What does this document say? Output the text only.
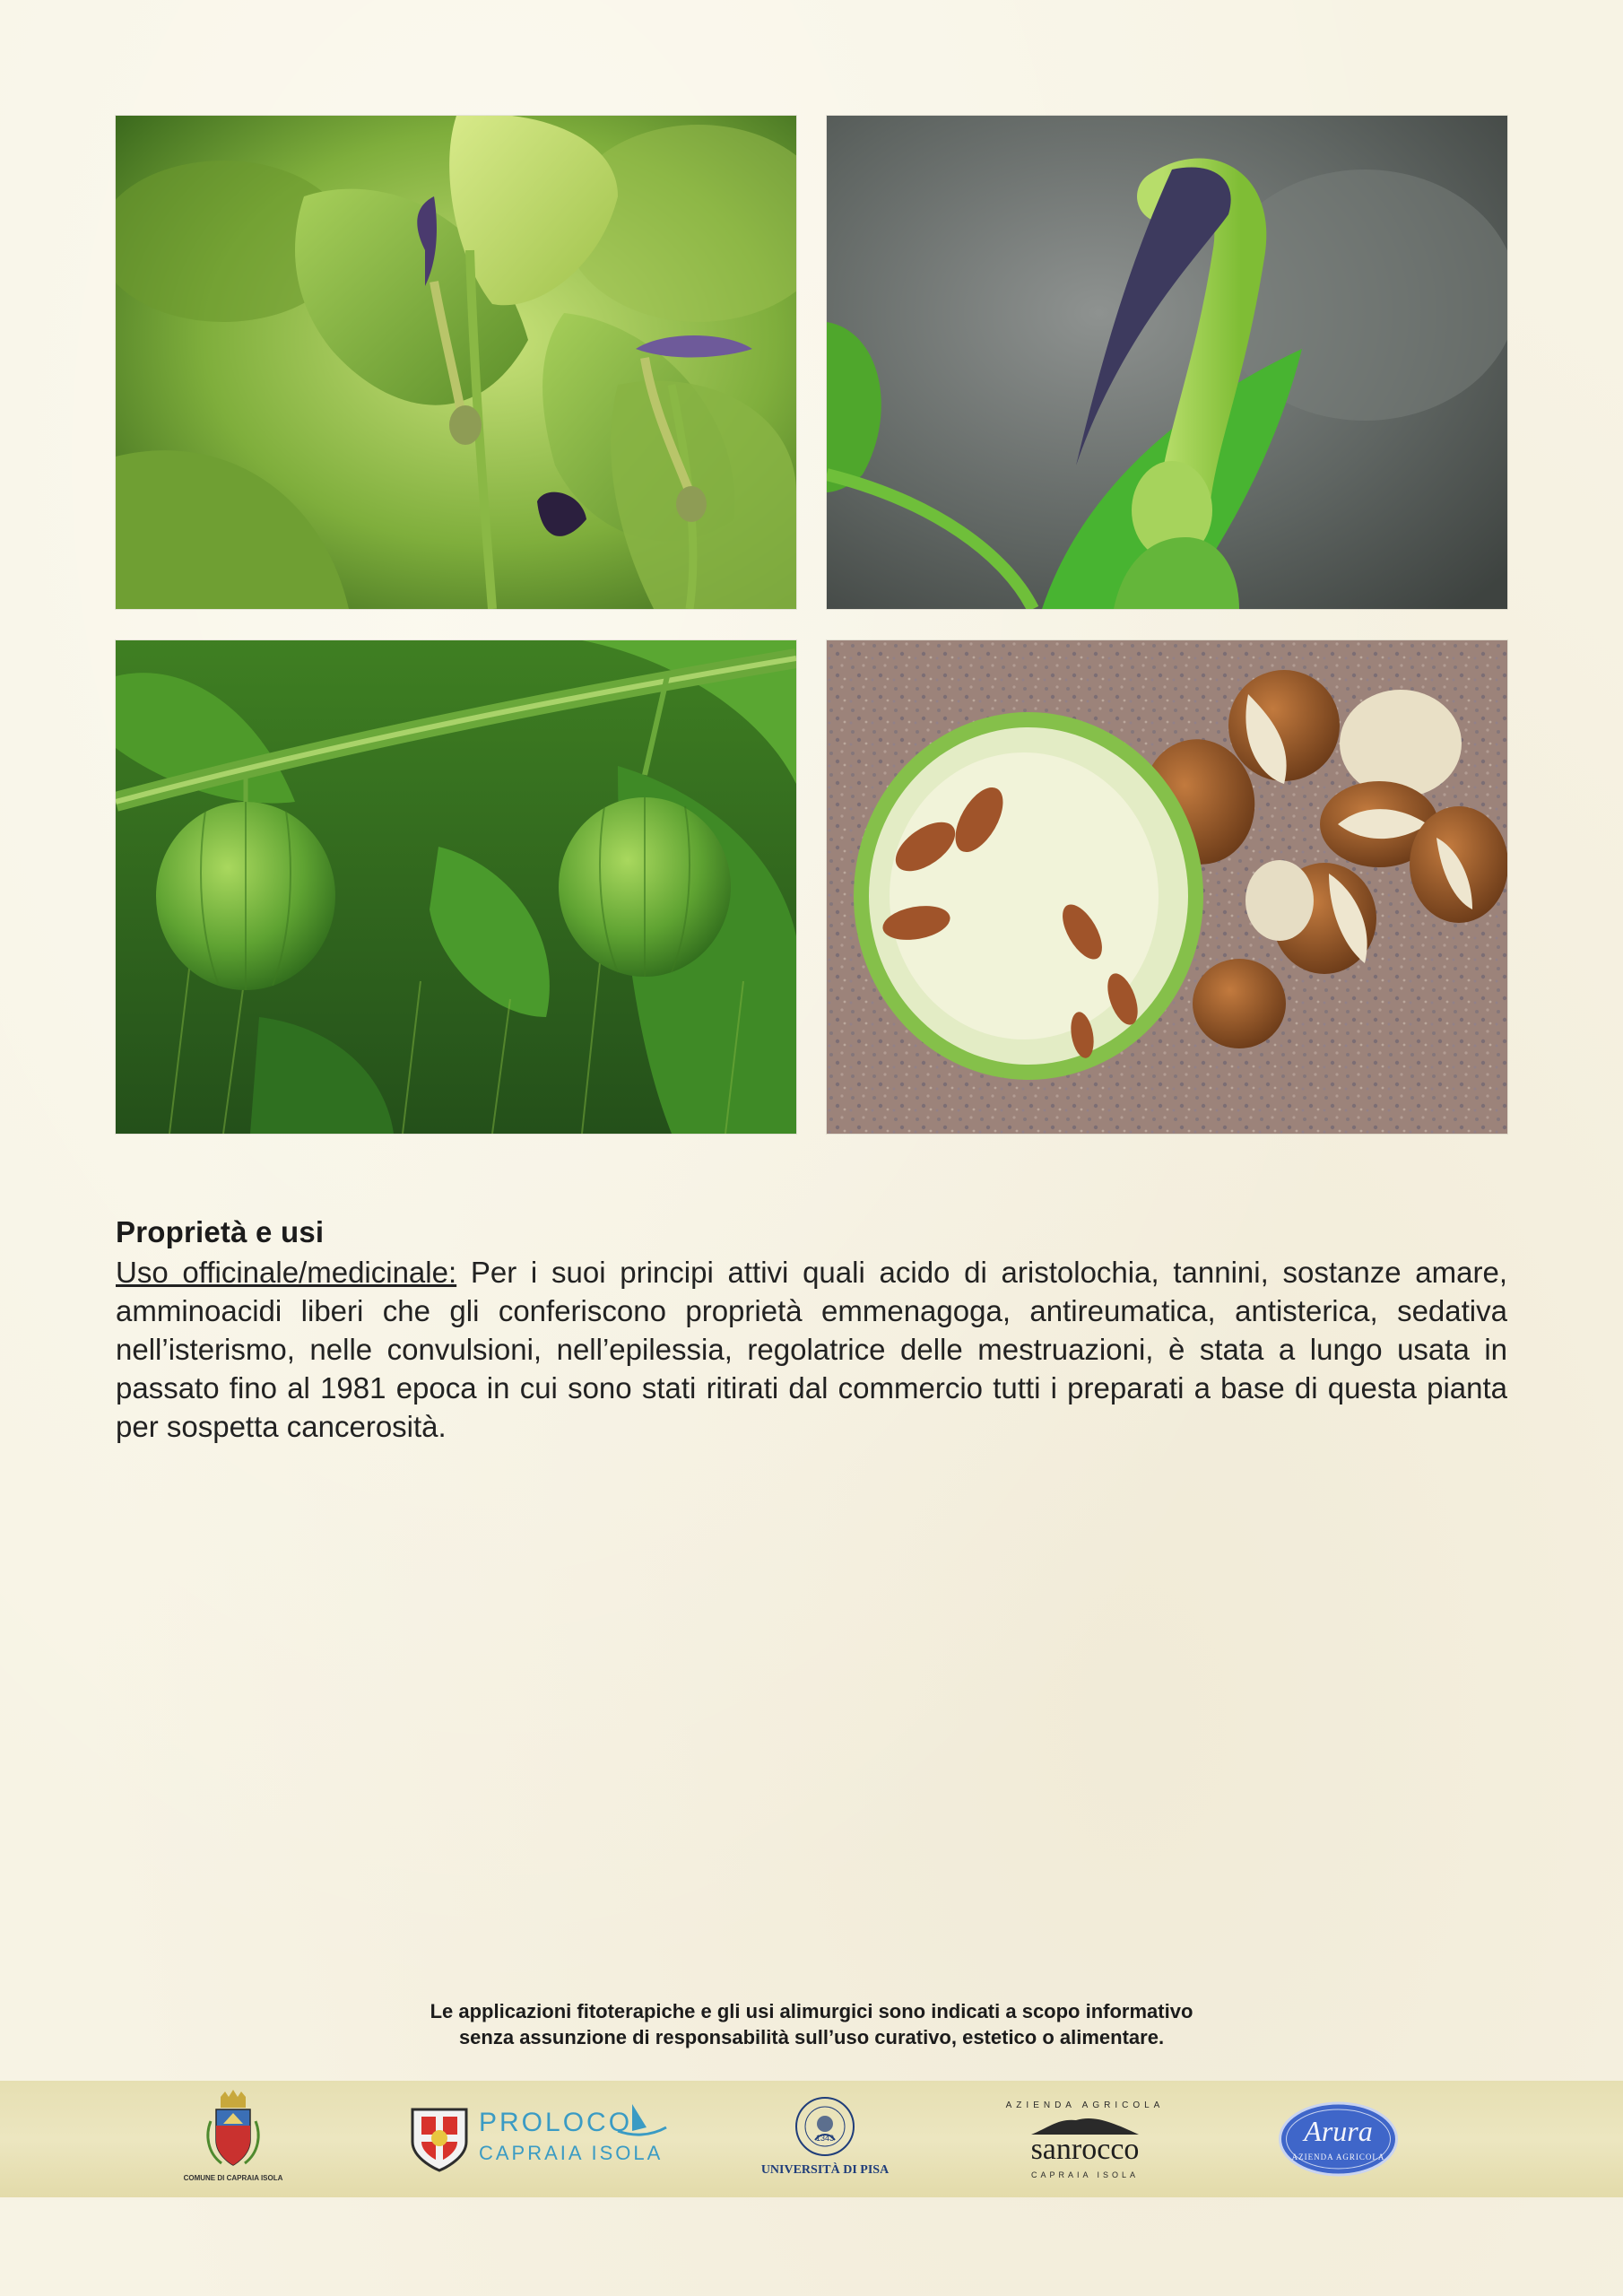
Proprietà e usi

Uso officinale/medicinale: Per i suoi principi attivi quali acido di aristolochia, tannini, sostanze amare, amminoacidi liberi che gli conferiscono proprietà emmenagoga, antireumatica, antisterica, sedativa nell’isterismo, nelle convulsioni, nell’epilessia, regolatrice delle mestruazioni, è stata a lungo usata in passato fino al 1981 epoca in cui sono stati ritirati dal commercio tutti i preparati a base di questa pianta per sospetta cancerosità.

Le applicazioni fitoterapiche e gli usi alimurgici sono indicati a scopo informativo
senza assunzione di responsabilità sull’uso curativo, estetico o alimentare.
COMUNE DI CAPRAIA ISOLA
PROLOCO
CAPRAIA ISOLA
1343
UNIVERSITÀ DI PISA
AZIENDA AGRICOLA
sanrocco
CAPRAIA ISOLA
Arura
AZIENDA AGRICOLA
